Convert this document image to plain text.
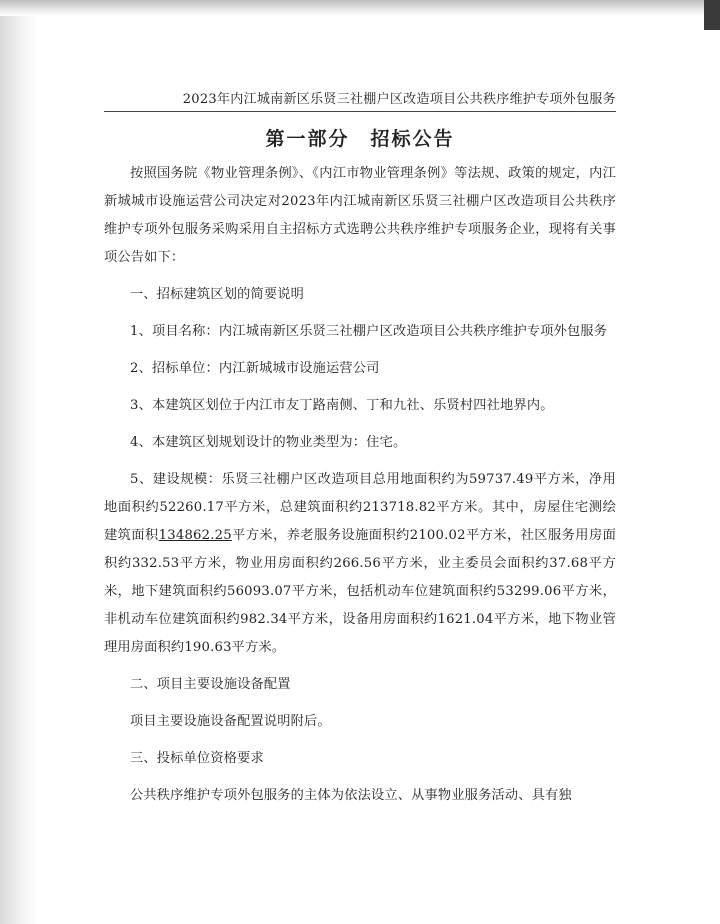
2023年内江城南新区乐贤三社棚户区改造项目公共秩序维护专项外包服务
第一部分　招标公告

按照国务院《物业管理条例》、《内江市物业管理条例》等法规、政策的规定，内江新城城市设施运营公司决定对2023年内江城南新区乐贤三社棚户区改造项目公共秩序维护专项外包服务采购采用自主招标方式选聘公共秩序维护专项服务企业，现将有关事项公告如下：

一、招标建筑区划的简要说明

1、项目名称：内江城南新区乐贤三社棚户区改造项目公共秩序维护专项外包服务

2、招标单位：内江新城城市设施运营公司

3、本建筑区划位于内江市友丁路南侧、丁和九社、乐贤村四社地界内。

4、本建筑区划规划设计的物业类型为：住宅。

5、建设规模：乐贤三社棚户区改造项目总用地面积约为59737.49平方米，净用地面积约52260.17平方米，总建筑面积约213718.82平方米。其中，房屋住宅测绘建筑面积134862.25平方米，养老服务设施面积约2100.02平方米，社区服务用房面积约332.53平方米，物业用房面积约266.56平方米，业主委员会面积约37.68平方米，地下建筑面积约56093.07平方米，包括机动车位建筑面积约53299.06平方米，非机动车位建筑面积约982.34平方米，设备用房面积约1621.04平方米，地下物业管理用房面积约190.63平方米。

二、项目主要设施设备配置

项目主要设施设备配置说明附后。

三、投标单位资格要求

公共秩序维护专项外包服务的主体为依法设立、从事物业服务活动、具有独
